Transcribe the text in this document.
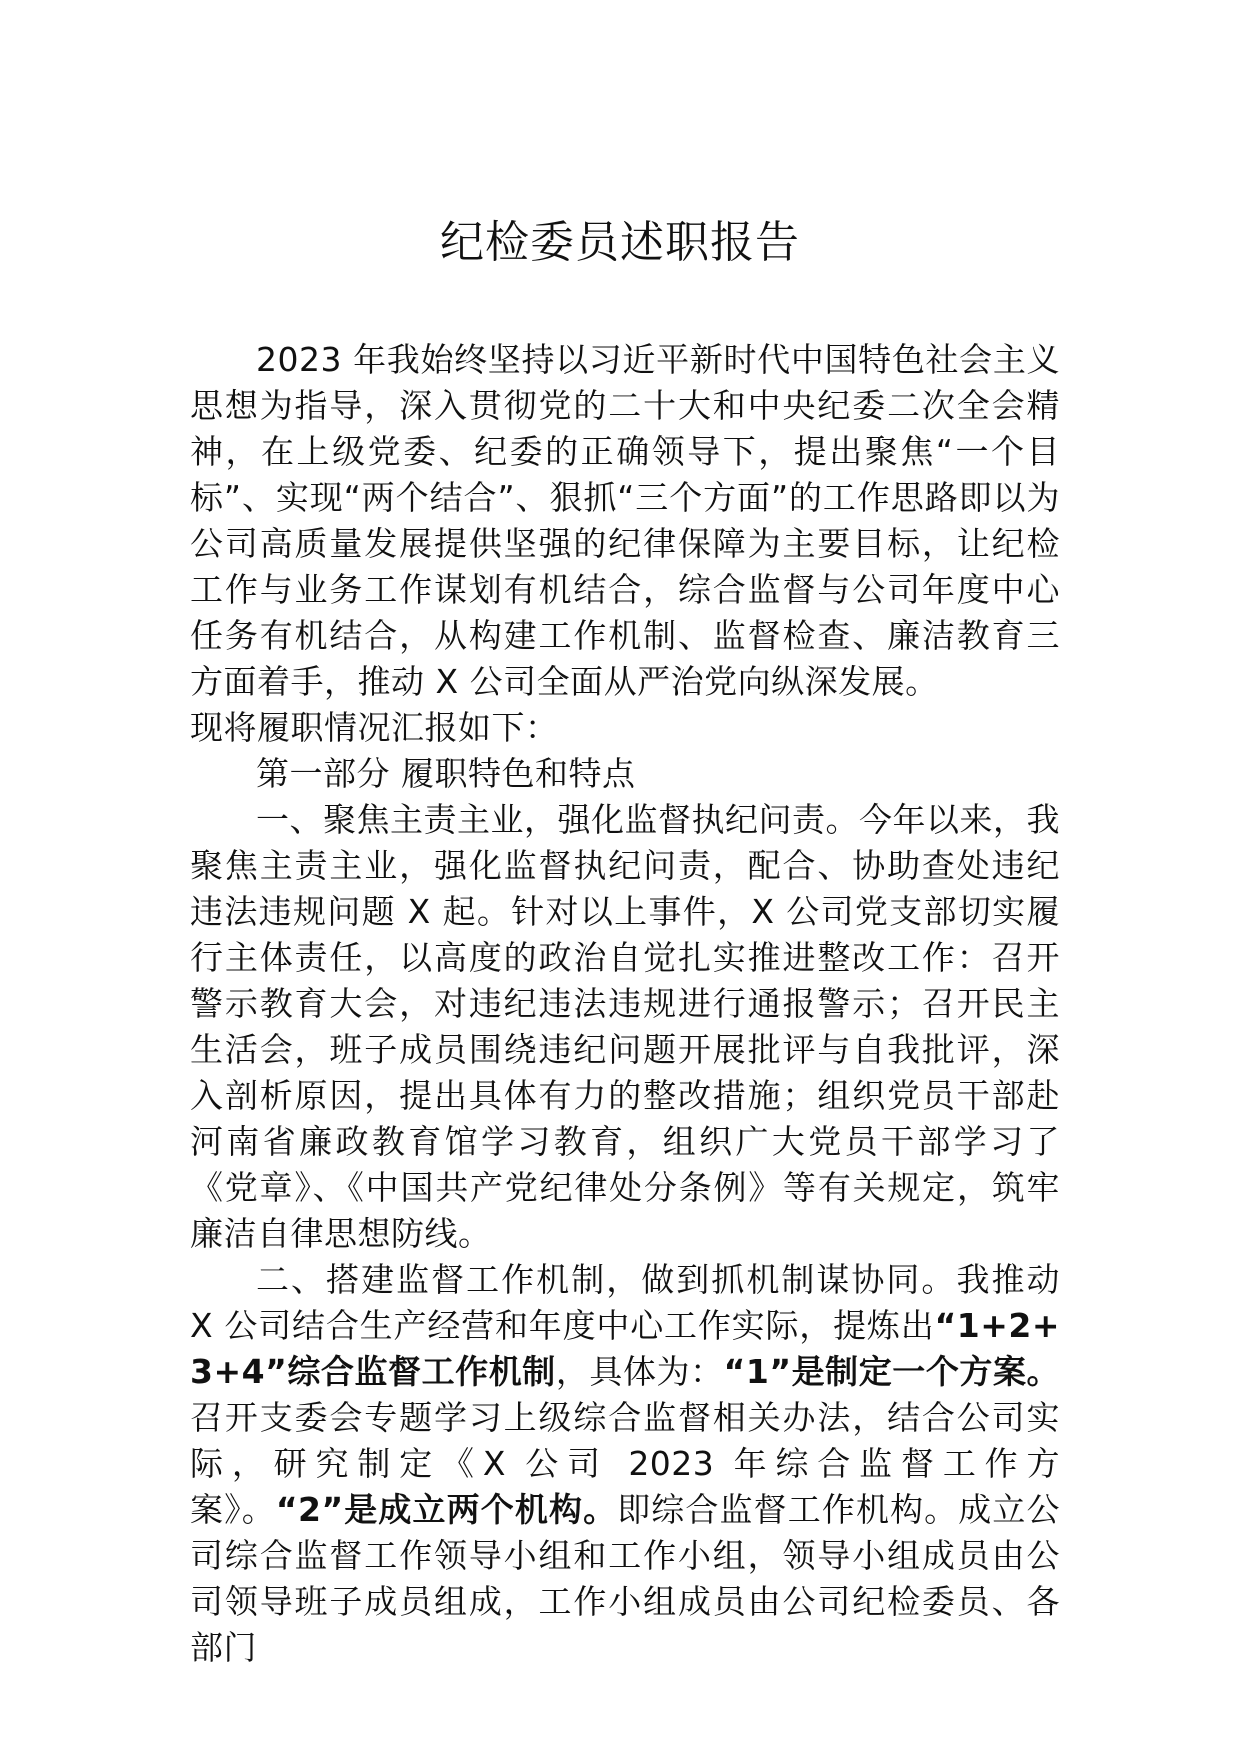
纪检委员述职报告

2023 年我始终坚持以习近平新时代中国特色社会主义思想为指导，深入贯彻党的二十大和中央纪委二次全会精神，在上级党委、纪委的正确领导下，提出聚焦“一个目标”、实现“两个结合”、狠抓“三个方面”的工作思路即以为公司高质量发展提供坚强的纪律保障为主要目标，让纪检工作与业务工作谋划有机结合，综合监督与公司年度中心任务有机结合，从构建工作机制、监督检查、廉洁教育三方面着手，推动 X 公司全面从严治党向纵深发展。

现将履职情况汇报如下：

第一部分 履职特色和特点

一、聚焦主责主业，强化监督执纪问责。今年以来，我聚焦主责主业，强化监督执纪问责，配合、协助查处违纪违法违规问题 X 起。针对以上事件，X 公司党支部切实履行主体责任，以高度的政治自觉扎实推进整改工作：召开警示教育大会，对违纪违法违规进行通报警示；召开民主生活会，班子成员围绕违纪问题开展批评与自我批评，深入剖析原因，提出具体有力的整改措施；组织党员干部赴河南省廉政教育馆学习教育，组织广大党员干部学习了《党章》、《中国共产党纪律处分条例》等有关规定，筑牢廉洁自律思想防线。

二、搭建监督工作机制，做到抓机制谋协同。我推动 X 公司结合生产经营和年度中心工作实际，提炼出“1+2+3+4”综合监督工作机制，具体为：“1”是制定一个方案。召开支委会专题学习上级综合监督相关办法，结合公司实际，研究制定《X 公司 2023 年综合监督工作方案》。“2”是成立两个机构。即综合监督工作机构。成立公司综合监督工作领导小组和工作小组，领导小组成员由公司领导班子成员组成，工作小组成员由公司纪检委员、各部门
